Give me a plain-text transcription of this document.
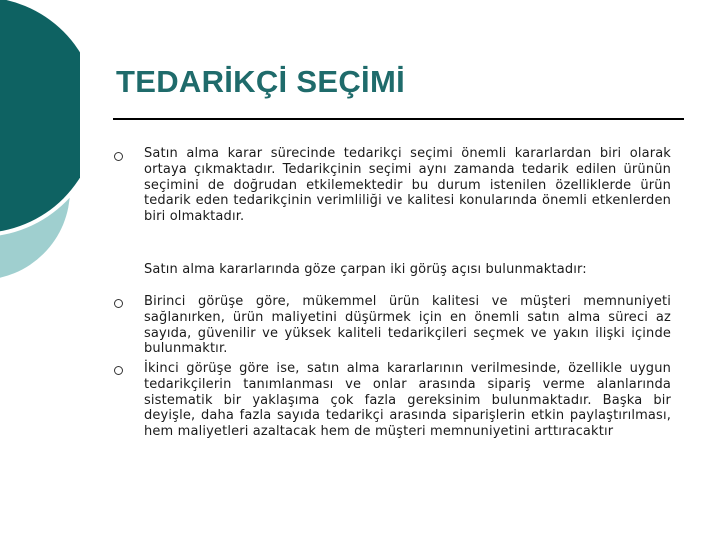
TEDARİKÇİ SEÇİMİ

Satın alma karar sürecinde tedarikçi seçimi önemli kararlardan biri olarak ortaya çıkmaktadır. Tedarikçinin seçimi aynı zamanda tedarik edilen ürünün seçimini de doğrudan etkilemektedir bu durum istenilen özelliklerde ürün tedarik eden tedarikçinin verimliliği ve kalitesi konularında önemli etkenlerden biri olmaktadır.

Satın alma kararlarında göze çarpan iki görüş açısı bulunmaktadır:

Birinci görüşe göre, mükemmel ürün kalitesi ve müşteri memnuniyeti sağlanırken, ürün maliyetini düşürmek için en önemli satın alma süreci az sayıda, güvenilir ve yüksek kaliteli tedarikçileri seçmek ve yakın ilişki içinde bulunmaktır.

İkinci görüşe göre ise, satın alma kararlarının verilmesinde, özellikle uygun tedarikçilerin tanımlanması ve onlar arasında sipariş verme alanlarında sistematik bir yaklaşıma çok fazla gereksinim bulunmaktadır. Başka bir deyişle, daha fazla sayıda tedarikçi arasında siparişlerin etkin paylaştırılması, hem maliyetleri azaltacak hem de müşteri memnuniyetini arttıracaktır
